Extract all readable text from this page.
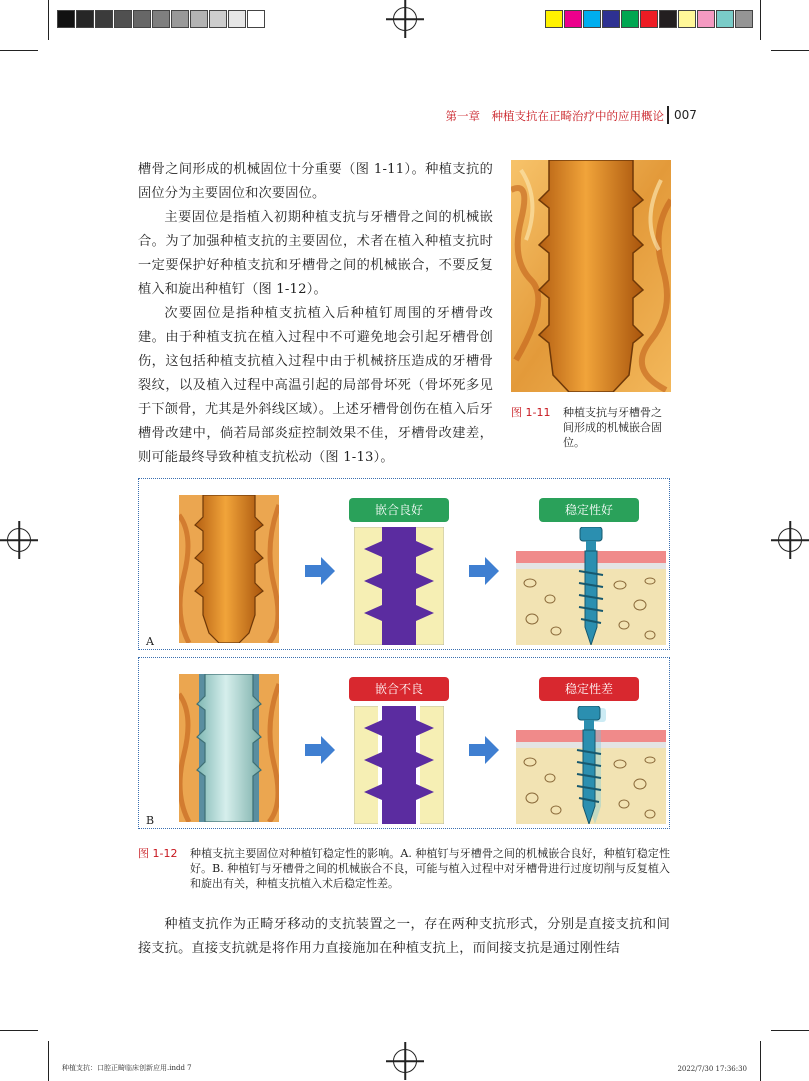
第一章　种植支抗在正畸治疗中的应用概论 007

槽骨之间形成的机械固位十分重要（图 1-11）。种植支抗的固位分为主要固位和次要固位。

主要固位是指植入初期种植支抗与牙槽骨之间的机械嵌合。为了加强种植支抗的主要固位，术者在植入种植支抗时一定要保护好种植支抗和牙槽骨之间的机械嵌合，不要反复植入和旋出种植钉（图 1-12）。

次要固位是指种植支抗植入后种植钉周围的牙槽骨改建。由于种植支抗在植入过程中不可避免地会引起牙槽骨创伤，这包括种植支抗植入过程中由于机械挤压造成的牙槽骨裂纹，以及植入过程中高温引起的局部骨坏死（骨坏死多见于下颌骨，尤其是外斜线区域）。上述牙槽骨创伤在植入后牙槽骨改建中，倘若局部炎症控制效果不佳，牙槽骨改建差，则可能最终导致种植支抗松动（图 1-13）。

图 1-11 种植支抗与牙槽骨之间形成的机械嵌合固位。
嵌合良好	稳定性好
A
嵌合不良	稳定性差
B
图 1-12 种植支抗主要固位对种植钉稳定性的影响。A. 种植钉与牙槽骨之间的机械嵌合良好，种植钉稳定性好。B. 种植钉与牙槽骨之间的机械嵌合不良，可能与植入过程中对牙槽骨进行过度切削与反复植入和旋出有关，种植支抗植入术后稳定性差。

种植支抗作为正畸牙移动的支抗装置之一，存在两种支抗形式，分别是直接支抗和间接支抗。直接支抗就是将作用力直接施加在种植支抗上，而间接支抗是通过刚性结

种植支抗：口腔正畸临床创新应用.indd 7	2022/7/30 17:36:30
